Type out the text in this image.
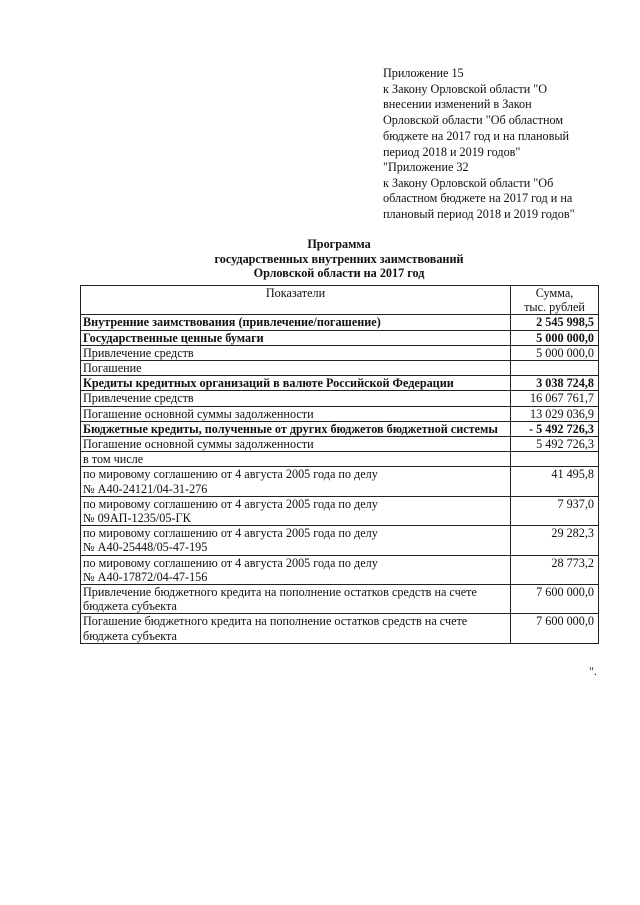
Приложение 15
к Закону Орловской области "О
внесении изменений в Закон
Орловской области "Об областном
бюджете на 2017 год и на плановый
период 2018 и 2019 годов"
"Приложение 32
к Закону Орловской области "Об
областном бюджете на 2017 год и на
плановый период 2018 и 2019 годов"
Программа
государственных внутренних заимствований
Орловской области на 2017 год
Показатели	Сумма,
тыс. рублей

Внутренние заимствования (привлечение/погашение)	2 545 998,5

Государственные ценные бумаги	5 000 000,0

Привлечение средств	5 000 000,0

Погашение	

Кредиты кредитных организаций в валюте Российской Федерации	3 038 724,8

Привлечение средств	16 067 761,7

Погашение основной суммы задолженности	13 029 036,9

Бюджетные кредиты, полученные от других бюджетов бюджетной системы	- 5 492 726,3

Погашение основной суммы задолженности	5 492 726,3

в том числе	

по мировому соглашению от 4 августа 2005 года по делу
№ А40-24121/04-31-276	41 495,8

по мировому соглашению от 4 августа 2005 года по делу
№ 09АП-1235/05-ГК	7 937,0

по мировому соглашению от 4 августа 2005 года по делу
№ А40-25448/05-47-195	29 282,3

по мировому соглашению от 4 августа 2005 года по делу
№ А40-17872/04-47-156	28 773,2

Привлечение бюджетного кредита на пополнение остатков средств на счете бюджета субъекта	7 600 000,0

Погашение бюджетного кредита на пополнение остатков средств на счете бюджета субъекта	7 600 000,0
".
